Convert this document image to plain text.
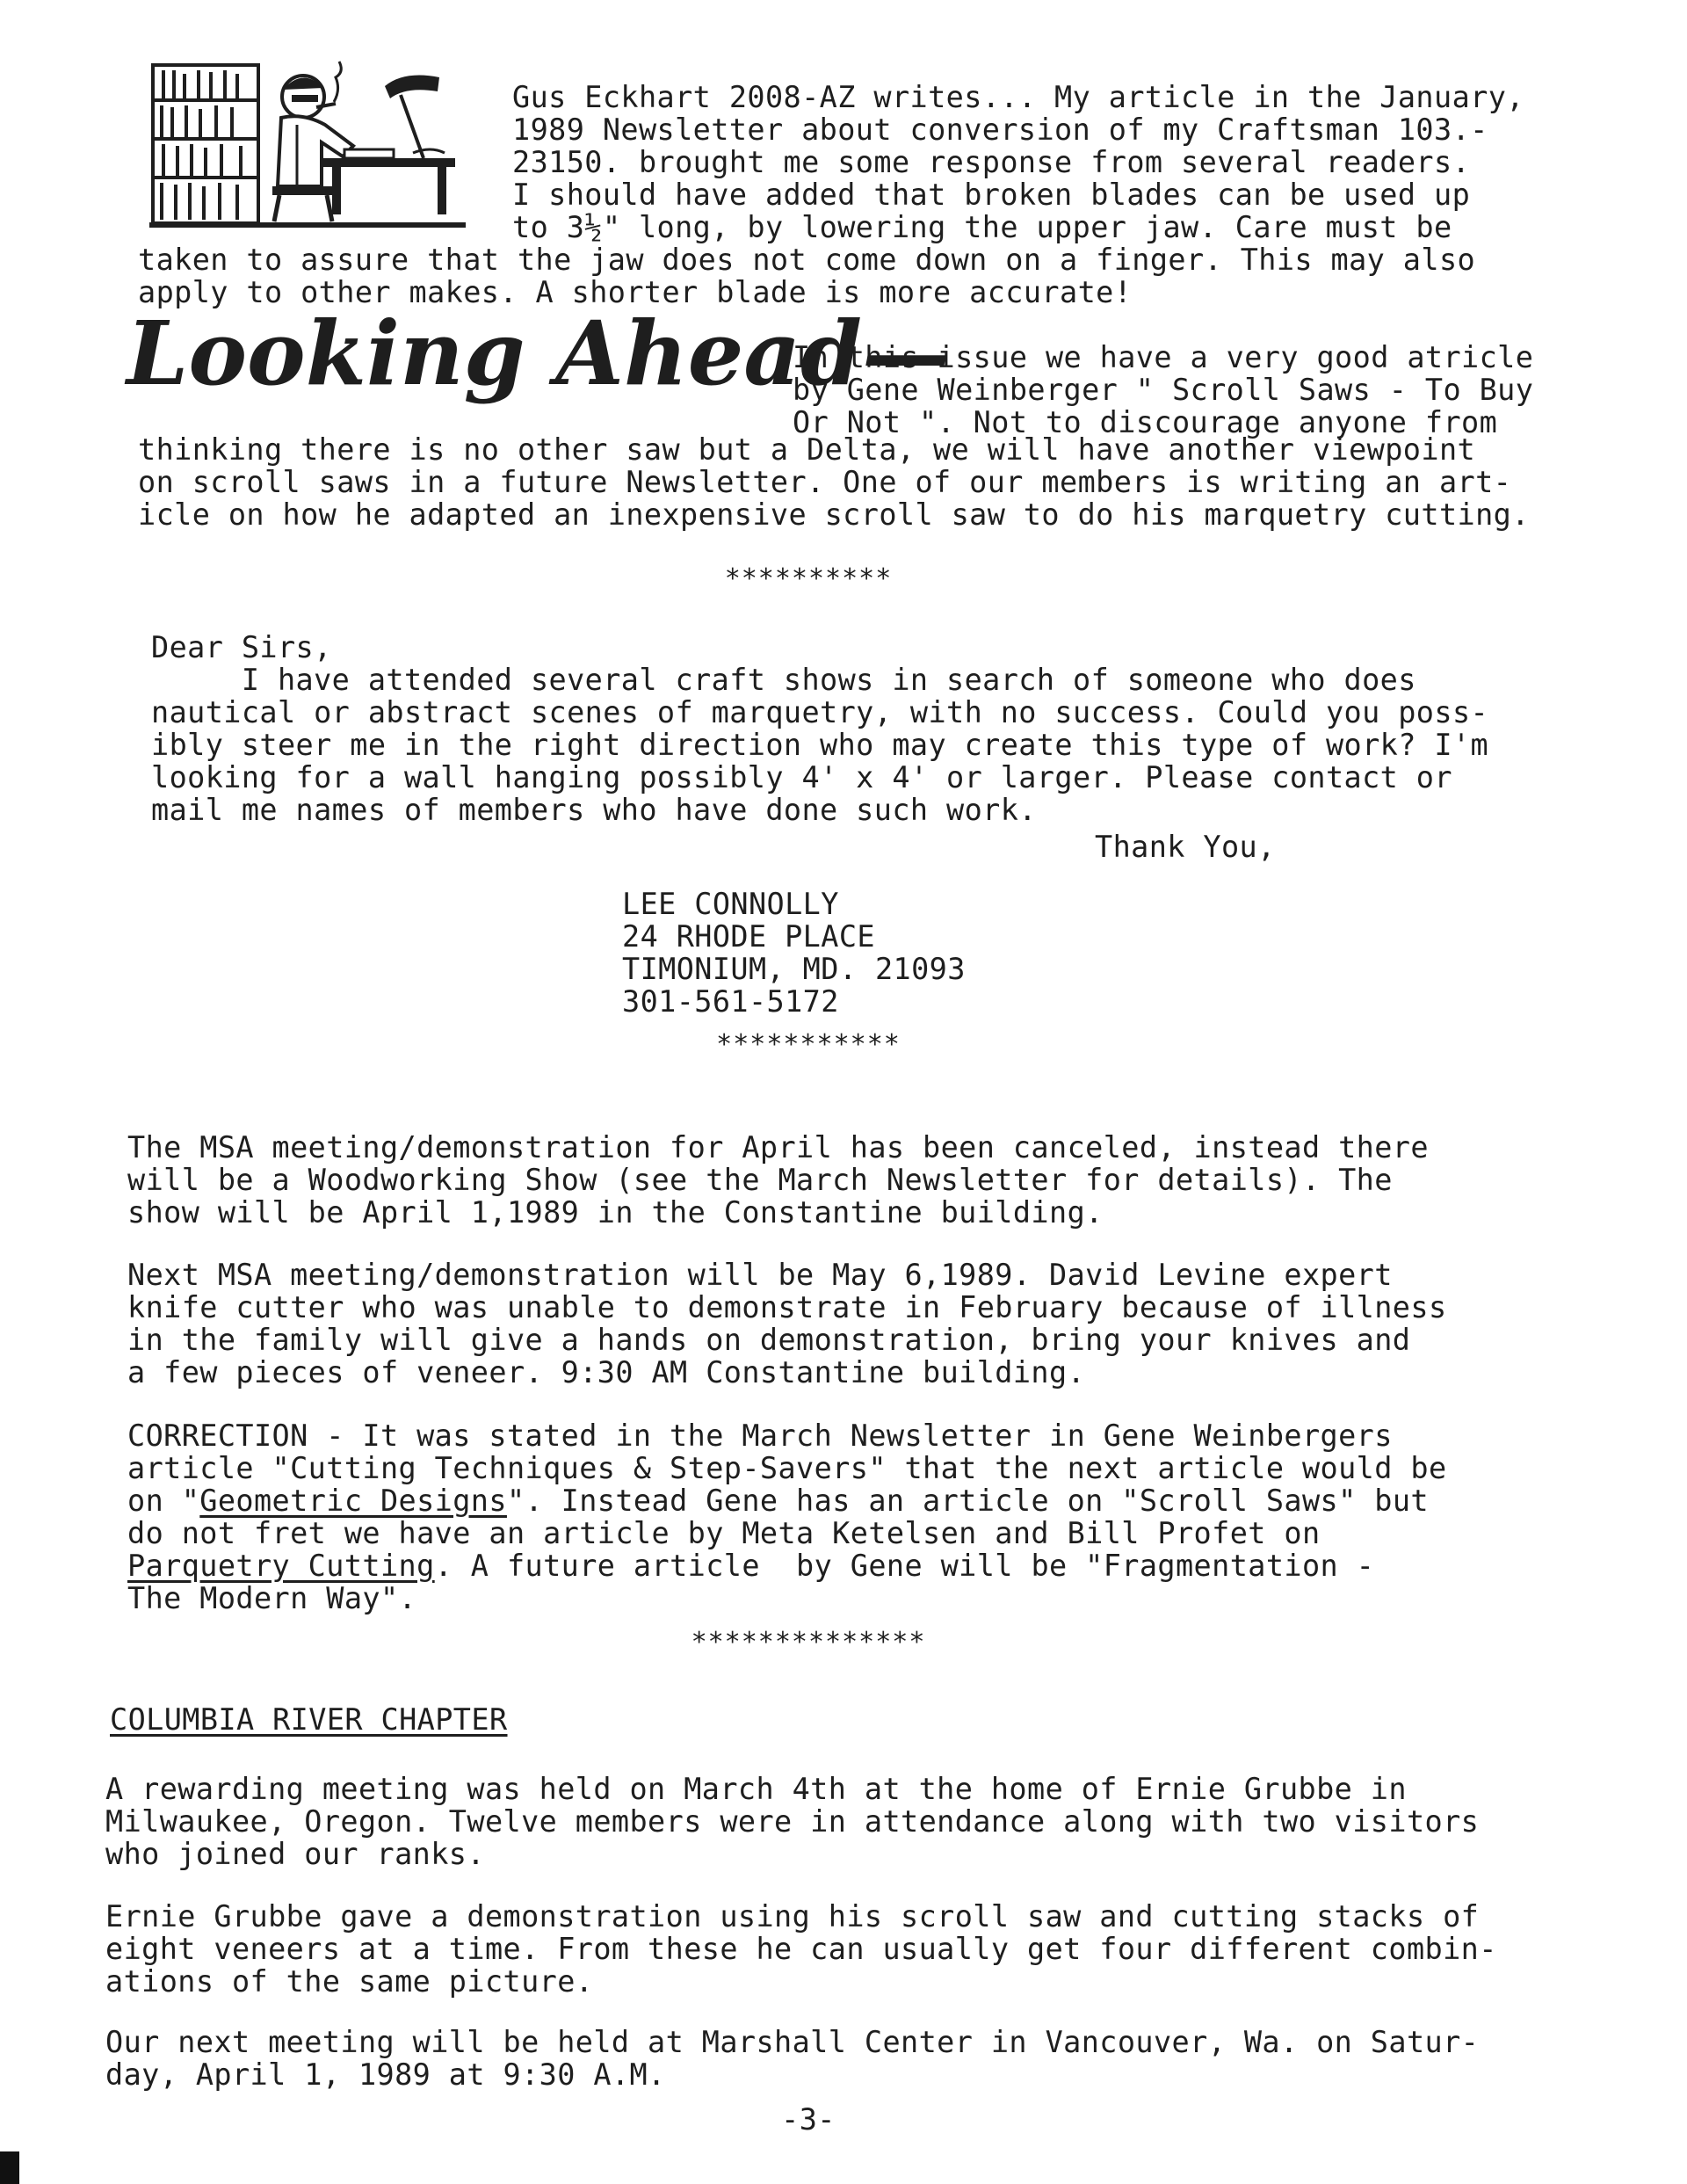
Gus Eckhart 2008-AZ writes... My article in the January,
1989 Newsletter about conversion of my Craftsman 103.-
23150. brought me some response from several readers.
I should have added that broken blades can be used up
to 3½" long, by lowering the upper jaw. Care must be
taken to assure that the jaw does not come down on a finger. This may also
apply to other makes. A shorter blade is more accurate!
Looking Ahead—
In this issue we have a very good atricle
by Gene Weinberger " Scroll Saws - To Buy
Or Not ". Not to discourage anyone from
thinking there is no other saw but a Delta, we will have another viewpoint
on scroll saws in a future Newsletter. One of our members is writing an art-
icle on how he adapted an inexpensive scroll saw to do his marquetry cutting.
**********
Dear Sirs,
I have attended several craft shows in search of someone who does
nautical or abstract scenes of marquetry, with no success. Could you poss-
ibly steer me in the right direction who may create this type of work? I'm
looking for a wall hanging possibly 4' x 4' or larger. Please contact or
mail me names of members who have done such work.
Thank You,
LEE CONNOLLY
24 RHODE PLACE
TIMONIUM, MD. 21093
301-561-5172
***********
The MSA meeting/demonstration for April has been canceled, instead there
will be a Woodworking Show (see the March Newsletter for details). The
show will be April 1,1989 in the Constantine building.
Next MSA meeting/demonstration will be May 6,1989. David Levine expert
knife cutter who was unable to demonstrate in February because of illness
in the family will give a hands on demonstration, bring your knives and
a few pieces of veneer. 9:30 AM Constantine building.
CORRECTION - It was stated in the March Newsletter in Gene Weinbergers
article "Cutting Techniques & Step-Savers" that the next article would be
on "Geometric Designs". Instead Gene has an article on "Scroll Saws" but
do not fret we have an article by Meta Ketelsen and Bill Profet on
Parquetry Cutting. A future article  by Gene will be "Fragmentation -
The Modern Way".
**************
COLUMBIA RIVER CHAPTER
A rewarding meeting was held on March 4th at the home of Ernie Grubbe in
Milwaukee, Oregon. Twelve members were in attendance along with two visitors
who joined our ranks.
Ernie Grubbe gave a demonstration using his scroll saw and cutting stacks of
eight veneers at a time. From these he can usually get four different combin-
ations of the same picture.
Our next meeting will be held at Marshall Center in Vancouver, Wa. on Satur-
day, April 1, 1989 at 9:30 A.M.
-3-
